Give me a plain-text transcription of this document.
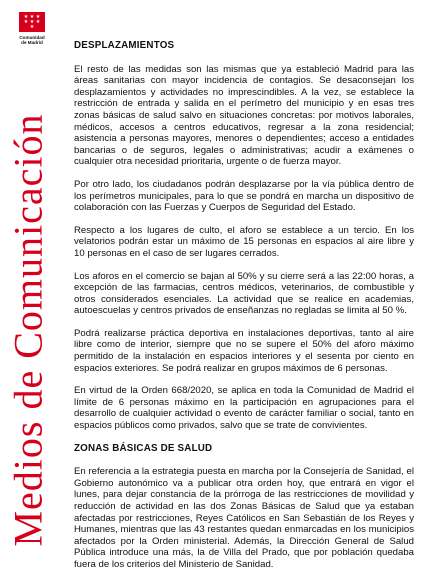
★ ★ ★
★ ★ ★
★
Comunidad
de Madrid
Medios de Comunicación
DESPLAZAMIENTOS

El resto de las medidas son las mismas que ya estableció Madrid para las áreas sanitarias con mayor incidencia de contagios. Se desaconsejan los desplazamientos y actividades no imprescindibles. A la vez, se establece la restricción de entrada y salida en el perímetro del municipio y en esas tres zonas básicas de salud salvo en situaciones concretas: por motivos laborales, médicos, accesos a centros educativos, regresar a la zona residencial; asistencia a personas mayores, menores o dependientes; acceso a entidades bancarias o de seguros, legales o administrativas; acudir a exámenes o cualquier otra necesidad prioritaria, urgente o de fuerza mayor.

Por otro lado, los ciudadanos podrán desplazarse por la vía pública dentro de los perímetros municipales, para lo que se pondrá en marcha un dispositivo de colaboración con las Fuerzas y Cuerpos de Seguridad del Estado.

Respecto a los lugares de culto, el aforo se establece a un tercio. En los velatorios podrán estar un máximo de 15 personas en espacios al aire libre y 10 personas en el caso de ser lugares cerrados.

Los aforos en el comercio se bajan al 50% y su cierre será a las 22:00 horas, a excepción de las farmacias, centros médicos, veterinarios, de combustible y otros considerados esenciales. La actividad que se realice en academias, autoescuelas y centros privados de enseñanzas no regladas se limita al 50 %.

Podrá realizarse práctica deportiva en instalaciones deportivas, tanto al aire libre como de interior, siempre que no se supere el 50% del aforo máximo permitido de la instalación en espacios interiores y el sesenta por ciento en espacios exteriores. Se podrá realizar en grupos máximos de 6 personas.

En virtud de la Orden 668/2020, se aplica en toda la Comunidad de Madrid el límite de 6 personas máximo en la participación en agrupaciones para el desarrollo de cualquier actividad o evento de carácter familiar o social, tanto en espacios públicos como privados, salvo que se trate de convivientes.

ZONAS BÁSICAS DE SALUD

En referencia a la estrategia puesta en marcha por la Consejería de Sanidad, el Gobierno autonómico va a publicar otra orden hoy, que entrará en vigor el lunes, para dejar constancia de la prórroga de las restricciones de movilidad y reducción de actividad en las dos Zonas Básicas de Salud que ya estaban afectadas por restricciones, Reyes Católicos en San Sebastián de los Reyes y Humanes, mientras que las 43 restantes quedan enmarcadas en los municipios afectados por la Orden ministerial. Además, la Dirección General de Salud Pública introduce una más, la de Villa del Prado, que por población quedaba fuera de los criterios del Ministerio de Sanidad.
